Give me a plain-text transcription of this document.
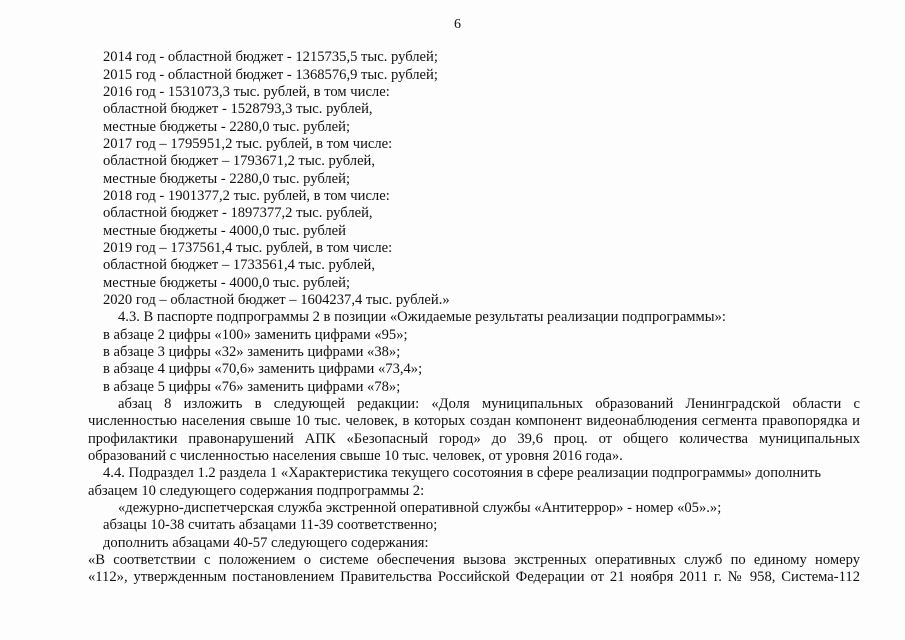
6

2014 год - областной бюджет - 1215735,5 тыс. рублей;

2015 год - областной бюджет - 1368576,9 тыс. рублей;

2016 год - 1531073,3 тыс. рублей, в том числе:

областной бюджет - 1528793,3 тыс. рублей,

местные бюджеты - 2280,0 тыс. рублей;

2017 год – 1795951,2 тыс. рублей, в том числе:

областной бюджет – 1793671,2 тыс. рублей,

местные бюджеты - 2280,0 тыс. рублей;

2018 год - 1901377,2 тыс. рублей, в том числе:

областной бюджет - 1897377,2 тыс. рублей,

местные бюджеты - 4000,0 тыс. рублей

2019 год – 1737561,4 тыс. рублей, в том числе:

областной бюджет – 1733561,4 тыс. рублей,

местные бюджеты - 4000,0 тыс. рублей;

2020 год – областной бюджет – 1604237,4 тыс. рублей.»

4.3. В паспорте подпрограммы 2 в позиции «Ожидаемые результаты реализации подпрограммы»:

в абзаце 2 цифры «100» заменить цифрами «95»;

в абзаце 3 цифры «32» заменить цифрами «38»;

в абзаце 4 цифры «70,6» заменить цифрами «73,4»;

в абзаце 5 цифры «76» заменить цифрами «78»;

абзац 8 изложить в следующей редакции: «Доля муниципальных образований Ленинградской области с

численностью населения свыше 10 тыс. человек, в которых создан компонент видеонаблюдения сегмента правопорядка и

профилактики правонарушений АПК «Безопасный город» до 39,6 проц. от общего количества муниципальных

образований с численностью населения свыше 10 тыс. человек, от уровня 2016 года».

4.4. Подраздел 1.2 раздела 1 «Характеристика текущего сосотояния в сфере реализации подпрограммы» дополнить

абзацем 10 следующего содержания подпрограммы 2:

«дежурно-диспетчерская служба экстренной оперативной службы «Антитеррор» - номер «05».»;

абзацы 10-38 считать абзацами 11-39 соответственно;

дополнить абзацами 40-57 следующего содержания:

«В соответствии с положением о системе обеспечения вызова экстренных оперативных служб по единому номеру

«112», утвержденным постановлением Правительства Российской Федерации от 21 ноября 2011 г. № 958, Система-112
